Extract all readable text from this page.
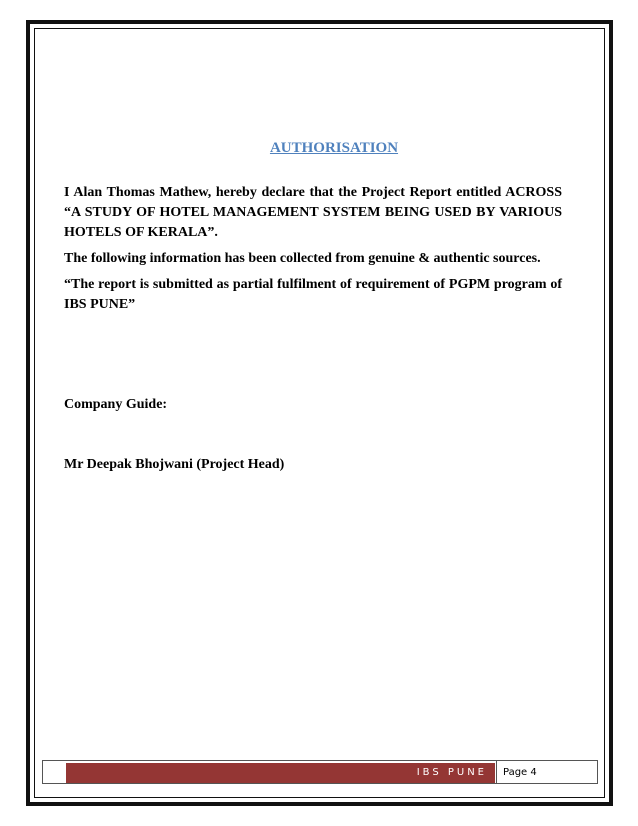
AUTHORISATION

I Alan Thomas Mathew, hereby declare that the Project Report entitled ACROSS “A STUDY OF HOTEL MANAGEMENT SYSTEM BEING USED BY VARIOUS HOTELS OF KERALA”.

The following information has been collected from genuine & authentic sources.

“The report is submitted as partial fulfilment of requirement of PGPM program of IBS PUNE”

Company Guide:

Mr Deepak Bhojwani (Project Head)

IBS PUNE Page 4
